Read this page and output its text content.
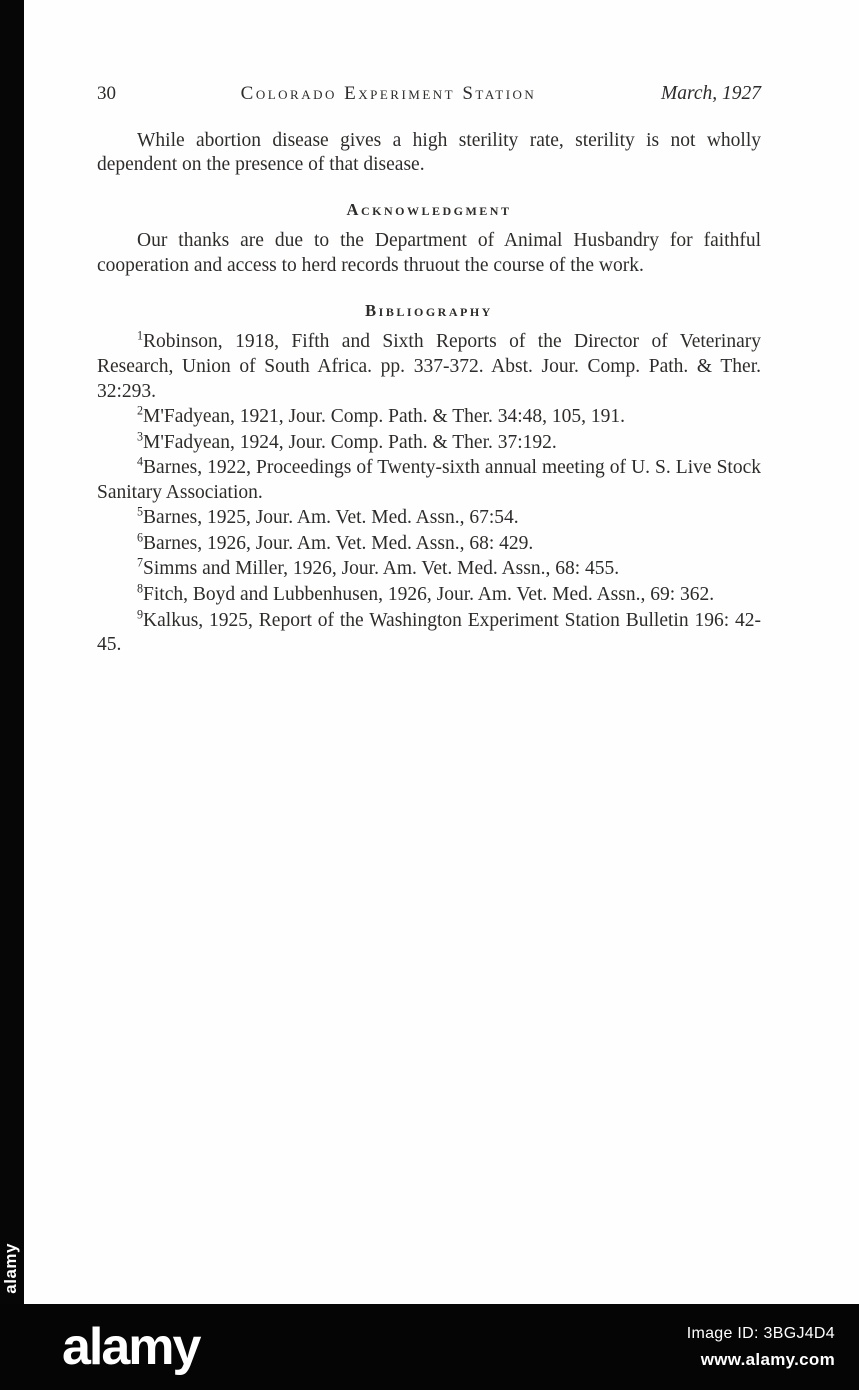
30	Colorado Experiment Station	March, 1927

While abortion disease gives a high sterility rate, sterility is not wholly dependent on the presence of that disease.

Acknowledgment

Our thanks are due to the Department of Animal Husbandry for faithful cooperation and access to herd records thruout the course of the work.

Bibliography

$^1$Robinson, 1918, Fifth and Sixth Reports of the Director of Veterinary Research, Union of South Africa. pp. 337-372. Abst. Jour. Comp. Path. & Ther. 32:293.

$^2$M'Fadyean, 1921, Jour. Comp. Path. & Ther. 34:48, 105, 191.

$^3$M'Fadyean, 1924, Jour. Comp. Path. & Ther. 37:192.

$^4$Barnes, 1922, Proceedings of Twenty-sixth annual meeting of U. S. Live Stock Sanitary Association.

$^5$Barnes, 1925, Jour. Am. Vet. Med. Assn., 67:54.

$^6$Barnes, 1926, Jour. Am. Vet. Med. Assn., 68: 429.

$^7$Simms and Miller, 1926, Jour. Am. Vet. Med. Assn., 68: 455.

$^8$Fitch, Boyd and Lubbenhusen, 1926, Jour. Am. Vet. Med. Assn., 69: 362.

$^9$Kalkus, 1925, Report of the Washington Experiment Station Bulletin 196: 42-45.

alamy
alamy	Image ID: 3BGJ4D4
www.alamy.com
